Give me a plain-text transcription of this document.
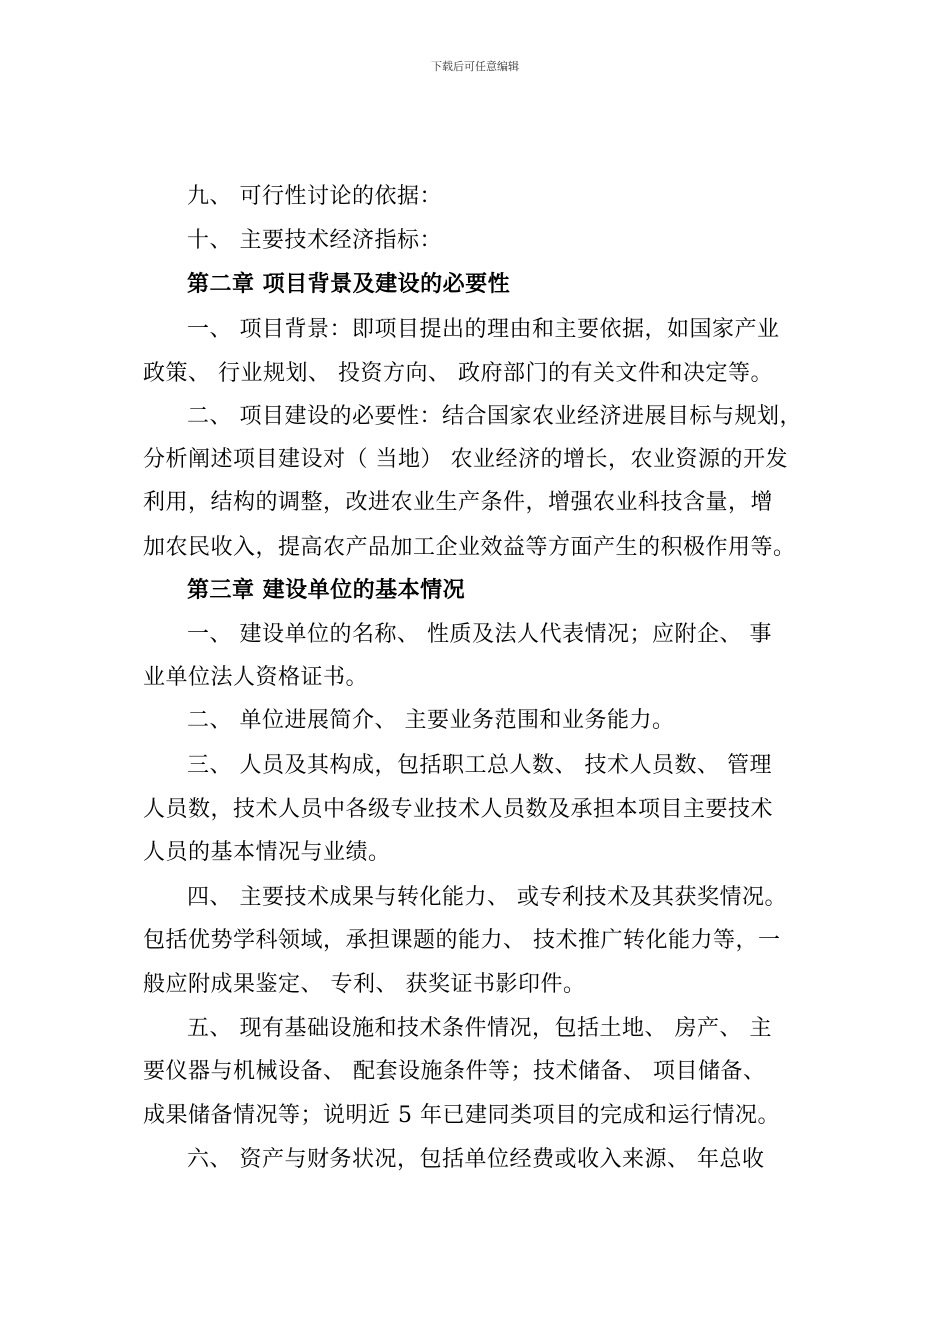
下载后可任意编辑
九、 可行性讨论的依据：
十、 主要技术经济指标：
第二章 项目背景及建设的必要性
一、 项目背景：即项目提出的理由和主要依据，如国家产业
政策、 行业规划、 投资方向、 政府部门的有关文件和决定等。
二、 项目建设的必要性：结合国家农业经济进展目标与规划，
分析阐述项目建设对（ 当地） 农业经济的增长，农业资源的开发
利用，结构的调整，改进农业生产条件，增强农业科技含量，增
加农民收入，提高农产品加工企业效益等方面产生的积极作用等。
第三章 建设单位的基本情况
一、 建设单位的名称、 性质及法人代表情况；应附企、 事
业单位法人资格证书。
二、 单位进展简介、 主要业务范围和业务能力。
三、 人员及其构成，包括职工总人数、 技术人员数、 管理
人员数，技术人员中各级专业技术人员数及承担本项目主要技术
人员的基本情况与业绩。
四、 主要技术成果与转化能力、 或专利技术及其获奖情况。
包括优势学科领域，承担课题的能力、 技术推广转化能力等，一
般应附成果鉴定、 专利、 获奖证书影印件。
五、 现有基础设施和技术条件情况，包括土地、 房产、 主
要仪器与机械设备、 配套设施条件等；技术储备、 项目储备、
成果储备情况等；说明近 5 年已建同类项目的完成和运行情况。
六、 资产与财务状况，包括单位经费或收入来源、 年总收
